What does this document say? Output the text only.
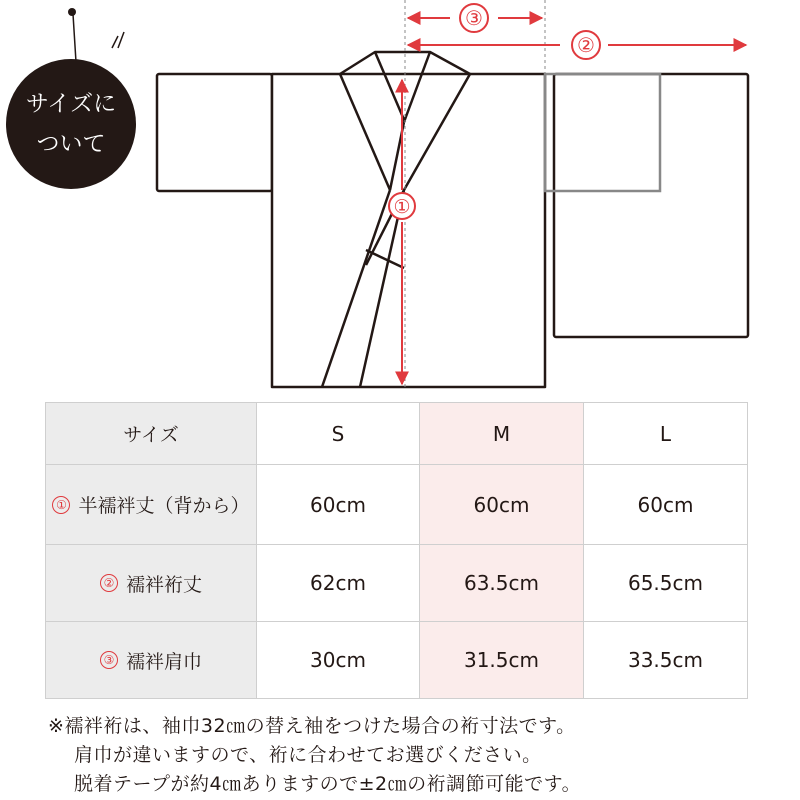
サイズに
ついて
③
②
①
サイズ	S	M	L

① 半襦袢丈（背から）	60cm	60cm	60cm

② 襦袢裄丈	62cm	63.5cm	65.5cm

③ 襦袢肩巾	30cm	31.5cm	33.5cm
※襦袢裄は、袖巾32㎝の替え袖をつけた場合の裄寸法です。
肩巾が違いますので、裄に合わせてお選びください。
脱着テープが約4㎝ありますので±2㎝の裄調節可能です。
